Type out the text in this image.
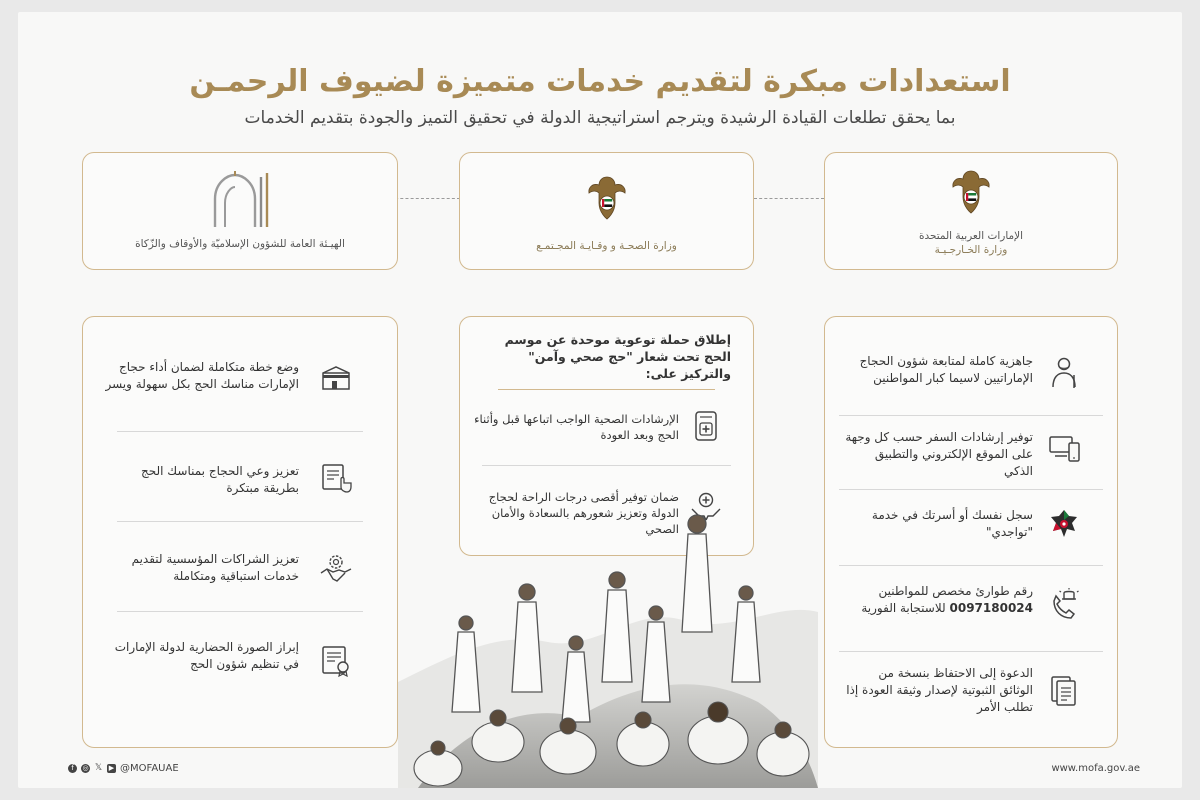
استعدادات مبكرة لتقديم خدمات متميزة لضيوف الرحمـن
بما يحقق تطلعات القيادة الرشيدة ويترجم استراتيجية الدولة في تحقيق التميز والجودة بتقديم الخدمات
الإمارات العربية المتحدة
وزارة الخـارجـيـة
وزارة الصحـة و وقـايـة المجـتمـع
الهيـئة العامة للشؤون الإسلاميّة والأوقاف والزّكاة
جاهزية كاملة لمتابعة شؤون الحجاج الإماراتيين لاسيما كبار المواطنين
توفير إرشادات السفر حسب كل وجهة على الموقع الإلكتروني والتطبيق الذكي
سجل نفسك أو أسرتك في خدمة "تواجدي"
رقم طوارئ مخصص للمواطنين
0097180024 للاستجابة الفورية
الدعوة إلى الاحتفاظ بنسخة من الوثائق الثبوتية لإصدار وثيقة العودة إذا تطلب الأمر
إطلاق حملة توعوية موحدة عن موسم الحج تحت شعار "حج صحي وآمن" والتركيز على:
الإرشادات الصحية الواجب اتباعها قبل وأثناء الحج وبعد العودة
ضمان توفير أقصى درجات الراحة لحجاج الدولة وتعزيز شعورهم بالسعادة والأمان الصحي
وضع خطة متكاملة لضمان أداء حجاج الإمارات مناسك الحج بكل سهولة ويسر
تعزيز وعي الحجاج بمناسك الحج بطريقة مبتكرة
تعزيز الشراكات المؤسسية لتقديم خدمات استباقية ومتكاملة
إبراز الصورة الحضارية لدولة الإمارات في تنظيم شؤون الحج
f	◎ 𝕏 ▶ @MOFAUAE	www.mofa.gov.ae
